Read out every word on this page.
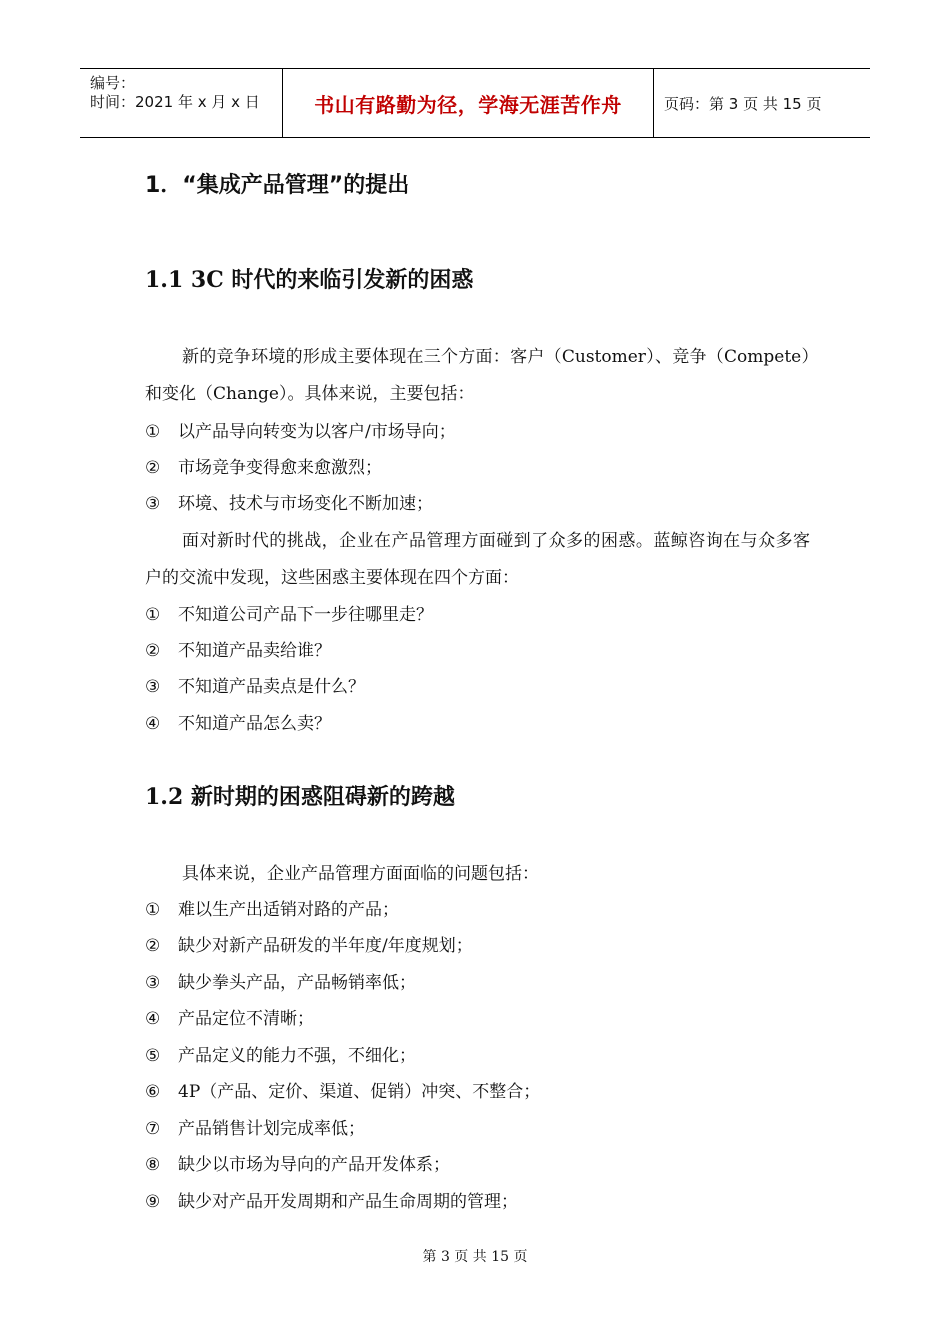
编号：
时间：2021 年 x 月 x 日	书山有路勤为径，学海无涯苦作舟	页码：第 3 页 共 15 页
1．“集成产品管理”的提出
1.1 3C 时代的来临引发新的困惑
新的竞争环境的形成主要体现在三个方面：客户（Customer）、竞争（Compete）和变化（Change）。具体来说，主要包括：
① 以产品导向转变为以客户/市场导向；
② 市场竞争变得愈来愈激烈；
③ 环境、技术与市场变化不断加速；
面对新时代的挑战，企业在产品管理方面碰到了众多的困惑。蓝鲸咨询在与众多客户的交流中发现，这些困惑主要体现在四个方面：
① 不知道公司产品下一步往哪里走？
② 不知道产品卖给谁？
③ 不知道产品卖点是什么？
④ 不知道产品怎么卖？
1.2 新时期的困惑阻碍新的跨越
具体来说，企业产品管理方面面临的问题包括：
① 难以生产出适销对路的产品；
② 缺少对新产品研发的半年度/年度规划；
③ 缺少拳头产品，产品畅销率低；
④ 产品定位不清晰；
⑤ 产品定义的能力不强，不细化；
⑥ 4P（产品、定价、渠道、促销）冲突、不整合；
⑦ 产品销售计划完成率低；
⑧ 缺少以市场为导向的产品开发体系；
⑨ 缺少对产品开发周期和产品生命周期的管理；
第 3 页 共 15 页
